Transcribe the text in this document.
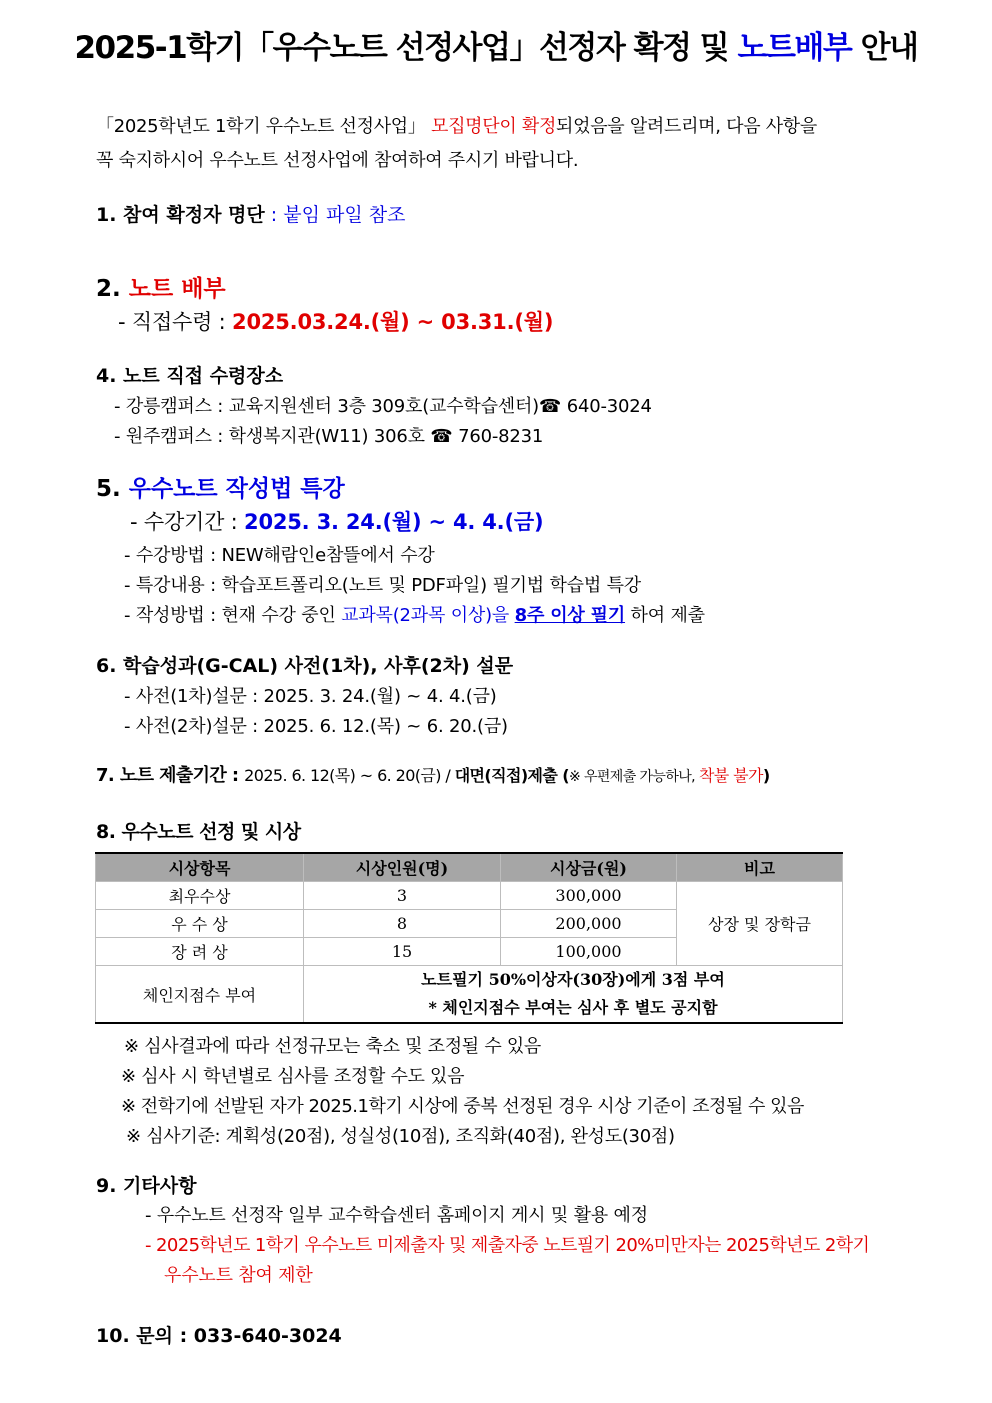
2025-1학기「우수노트 선정사업」선정자 확정 및 노트배부 안내
「2025학년도 1학기 우수노트 선정사업」 모집명단이 확정되었음을 알려드리며, 다음 사항을
꼭 숙지하시어 우수노트 선정사업에 참여하여 주시기 바랍니다.
1. 참여 확정자 명단 : 붙임 파일 참조
2. 노트 배부
- 직접수령 : 2025.03.24.(월) ~ 03.31.(월)
4. 노트 직접 수령장소
- 강릉캠퍼스 : 교육지원센터 3층 309호(교수학습센터)☎ 640-3024
- 원주캠퍼스 : 학생복지관(W11) 306호 ☎ 760-8231
5. 우수노트 작성법 특강
- 수강기간 : 2025. 3. 24.(월) ~ 4. 4.(금)
- 수강방법 : NEW해람인e참뜰에서 수강
- 특강내용 : 학습포트폴리오(노트 및 PDF파일) 필기법 학습법 특강
- 작성방법 : 현재 수강 중인 교과목(2과목 이상)을 8주 이상 필기 하여 제출
6. 학습성과(G-CAL) 사전(1차), 사후(2차) 설문
- 사전(1차)설문 : 2025. 3. 24.(월) ~ 4. 4.(금)
- 사전(2차)설문 : 2025. 6. 12.(목) ~ 6. 20.(금)
7. 노트 제출기간 : 2025. 6. 12(목) ~ 6. 20(금) / 대면(직접)제출 (※ 우편제출 가능하나, 착불 불가)
8. 우수노트 선정 및 시상
시상항목	시상인원(명)	시상금(원)	비고
최우수상	3	300,000	상장 및 장학금
우 수 상	8	200,000	
장 려 상	15	100,000	
체인지점수 부여	노트필기 50%이상자(30장)에게 3점 부여
* 체인지점수 부여는 심사 후 별도 공지함		
※ 심사결과에 따라 선정규모는 축소 및 조정될 수 있음
※ 심사 시 학년별로 심사를 조정할 수도 있음
※ 전학기에 선발된 자가 2025.1학기 시상에 중복 선정된 경우 시상 기준이 조정될 수 있음
※ 심사기준: 계획성(20점), 성실성(10점), 조직화(40점), 완성도(30점)
9. 기타사항
- 우수노트 선정작 일부 교수학습센터 홈페이지 게시 및 활용 예정
- 2025학년도 1학기 우수노트 미제출자 및 제출자중 노트필기 20%미만자는 2025학년도 2학기
우수노트 참여 제한
10. 문의 : 033-640-3024
